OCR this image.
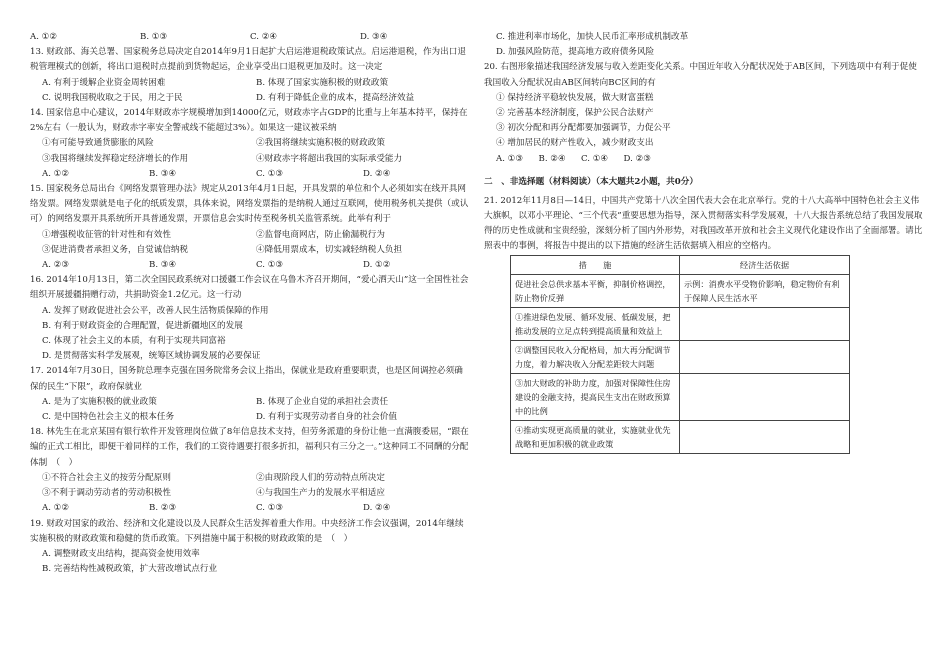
A. ①②	B. ①③	C. ②④	D. ③④

13. 财政部、海关总署、国家税务总局决定自2014年9月1日起扩大启运港退税政策试点。启运港退税，作为出口退税管理模式的创新，将出口退税时点提前到货物起运，企业享受出口退税更加及时。这一决定

A. 有利于缓解企业资金周转困难	B. 体现了国家实施积极的财政政策
C. 说明我国税收取之于民，用之于民	D. 有利于降低企业的成本，提高经济效益

14. 国家信息中心建议，2014年财政赤字规模增加到14000亿元，财政赤字占GDP的比重与上年基本持平，保持在2%左右（一般认为，财政赤字率安全警戒线不能超过3%）。如果这一建议被采纳

①有可能导致通货膨胀的风险	②我国将继续实施积极的财政政策
③我国将继续发挥稳定经济增长的作用	④财政赤字将超出我国的实际承受能力
A. ①②	B. ③④	C. ①③	D. ②④

15. 国家税务总局出台《网络发票管理办法》规定从2013年4月1日起，开具发票的单位和个人必须如实在线开具网络发票。网络发票就是电子化的纸质发票，具体来说，网络发票指的是纳税人通过互联网，使用税务机关提供（或认可）的网络发票开具系统所开具普通发票，开票信息会实时传至税务机关监管系统。此举有利于

①增强税收征管的针对性和有效性	②监督电商网店，防止偷漏税行为
③促进消费者承担义务，自觉诚信纳税	④降低用票成本，切实减轻纳税人负担
A. ②③	B. ③④	C. ①③	D. ①②

16. 2014年10月13日，第二次全国民政系统对口援疆工作会议在乌鲁木齐召开期间，“爱心洒天山”这一全国性社会组织开展援疆捐赠行动，共捐助资金1.2亿元。这一行动

A. 发挥了财政促进社会公平，改善人民生活物质保障的作用

B. 有利于财政资金的合理配置，促进新疆地区的发展

C. 体现了社会主义的本质，有利于实现共同富裕

D. 是贯彻落实科学发展观，统筹区域协调发展的必要保证

17. 2014年7月30日，国务院总理李克强在国务院常务会议上指出，保就业是政府重要职责，也是区间调控必须确保的民生“下限”，政府保就业

A. 是为了实施积极的就业政策	B. 体现了企业自觉的承担社会责任
C. 是中国特色社会主义的根本任务	D. 有利于实现劳动者自身的社会价值

18. 林先生在北京某国有银行软件开发管理岗位做了8年信息技术支持，但劳务派遣的身份让他一直满腹委屈，“跟在编的正式工相比，即便干着同样的工作，我们的工资待遇要打很多折扣，福利只有三分之一。”这种同工不同酬的分配体制　（　）

①不符合社会主义的按劳分配原则	②由现阶段人们的劳动特点所决定
③不利于调动劳动者的劳动积极性	④与我国生产力的发展水平相适应
A. ①②	B. ②③	C. ①③	D. ②④

19. 财政对国家的政治、经济和文化建设以及人民群众生活发挥着重大作用。中央经济工作会议强调，2014年继续实施积极的财政政策和稳健的货币政策。下列措施中属于积极的财政政策的是　（　）

A. 调整财政支出结构，提高资金使用效率

B. 完善结构性减税政策，扩大营改增试点行业

C. 推进利率市场化，加快人民币汇率形成机制改革

D. 加强风险防范，提高地方政府债务风险

20. 右图形象描述我国经济发展与收入差距变化关系。中国近年收入分配状况处于AB区间，下列选项中有利于促使我国收入分配状况由AB区间转向BC区间的有

① 保持经济平稳较快发展，做大财富蛋糕

② 完善基本经济制度，保护公民合法财产

③ 初次分配和再分配都要加强调节，力促公平

④ 增加居民的财产性收入，减少财政支出

A. ①③	B. ②④	C. ①④	D. ②③

二　、非选择题（材料阅读）（本大题共2小题，共0分）

21. 2012年11月8日—14日，中国共产党第十八次全国代表大会在北京举行。党的十八大高举中国特色社会主义伟大旗帜，以邓小平理论、“三个代表”重要思想为指导，深入贯彻落实科学发展观，十八大报告系统总结了我国发展取得的历史性成就和宝贵经验，深刻分析了国内外形势，对我国改革开放和社会主义现代化建设作出了全面部署。请比照表中的事例，将报告中提出的以下措施的经济生活依据填入相应的空格内。

措　　施	经济生活依据
促进社会总供求基本平衡，抑制价格调控，防止物价反弹	示例：消费水平受物价影响，稳定物价有利于保障人民生活水平
①推进绿色发展、循环发展、低碳发展，把推动发展的立足点转到提高质量和效益上	
②调整国民收入分配格局，加大再分配调节力度，着力解决收入分配差距较大问题	
③加大财政的补助力度，加强对保障性住房建设的金融支持，提高民生支出在财政预算中的比例	
④推动实现更高质量的就业，实施就业优先战略和更加积极的就业政策	
